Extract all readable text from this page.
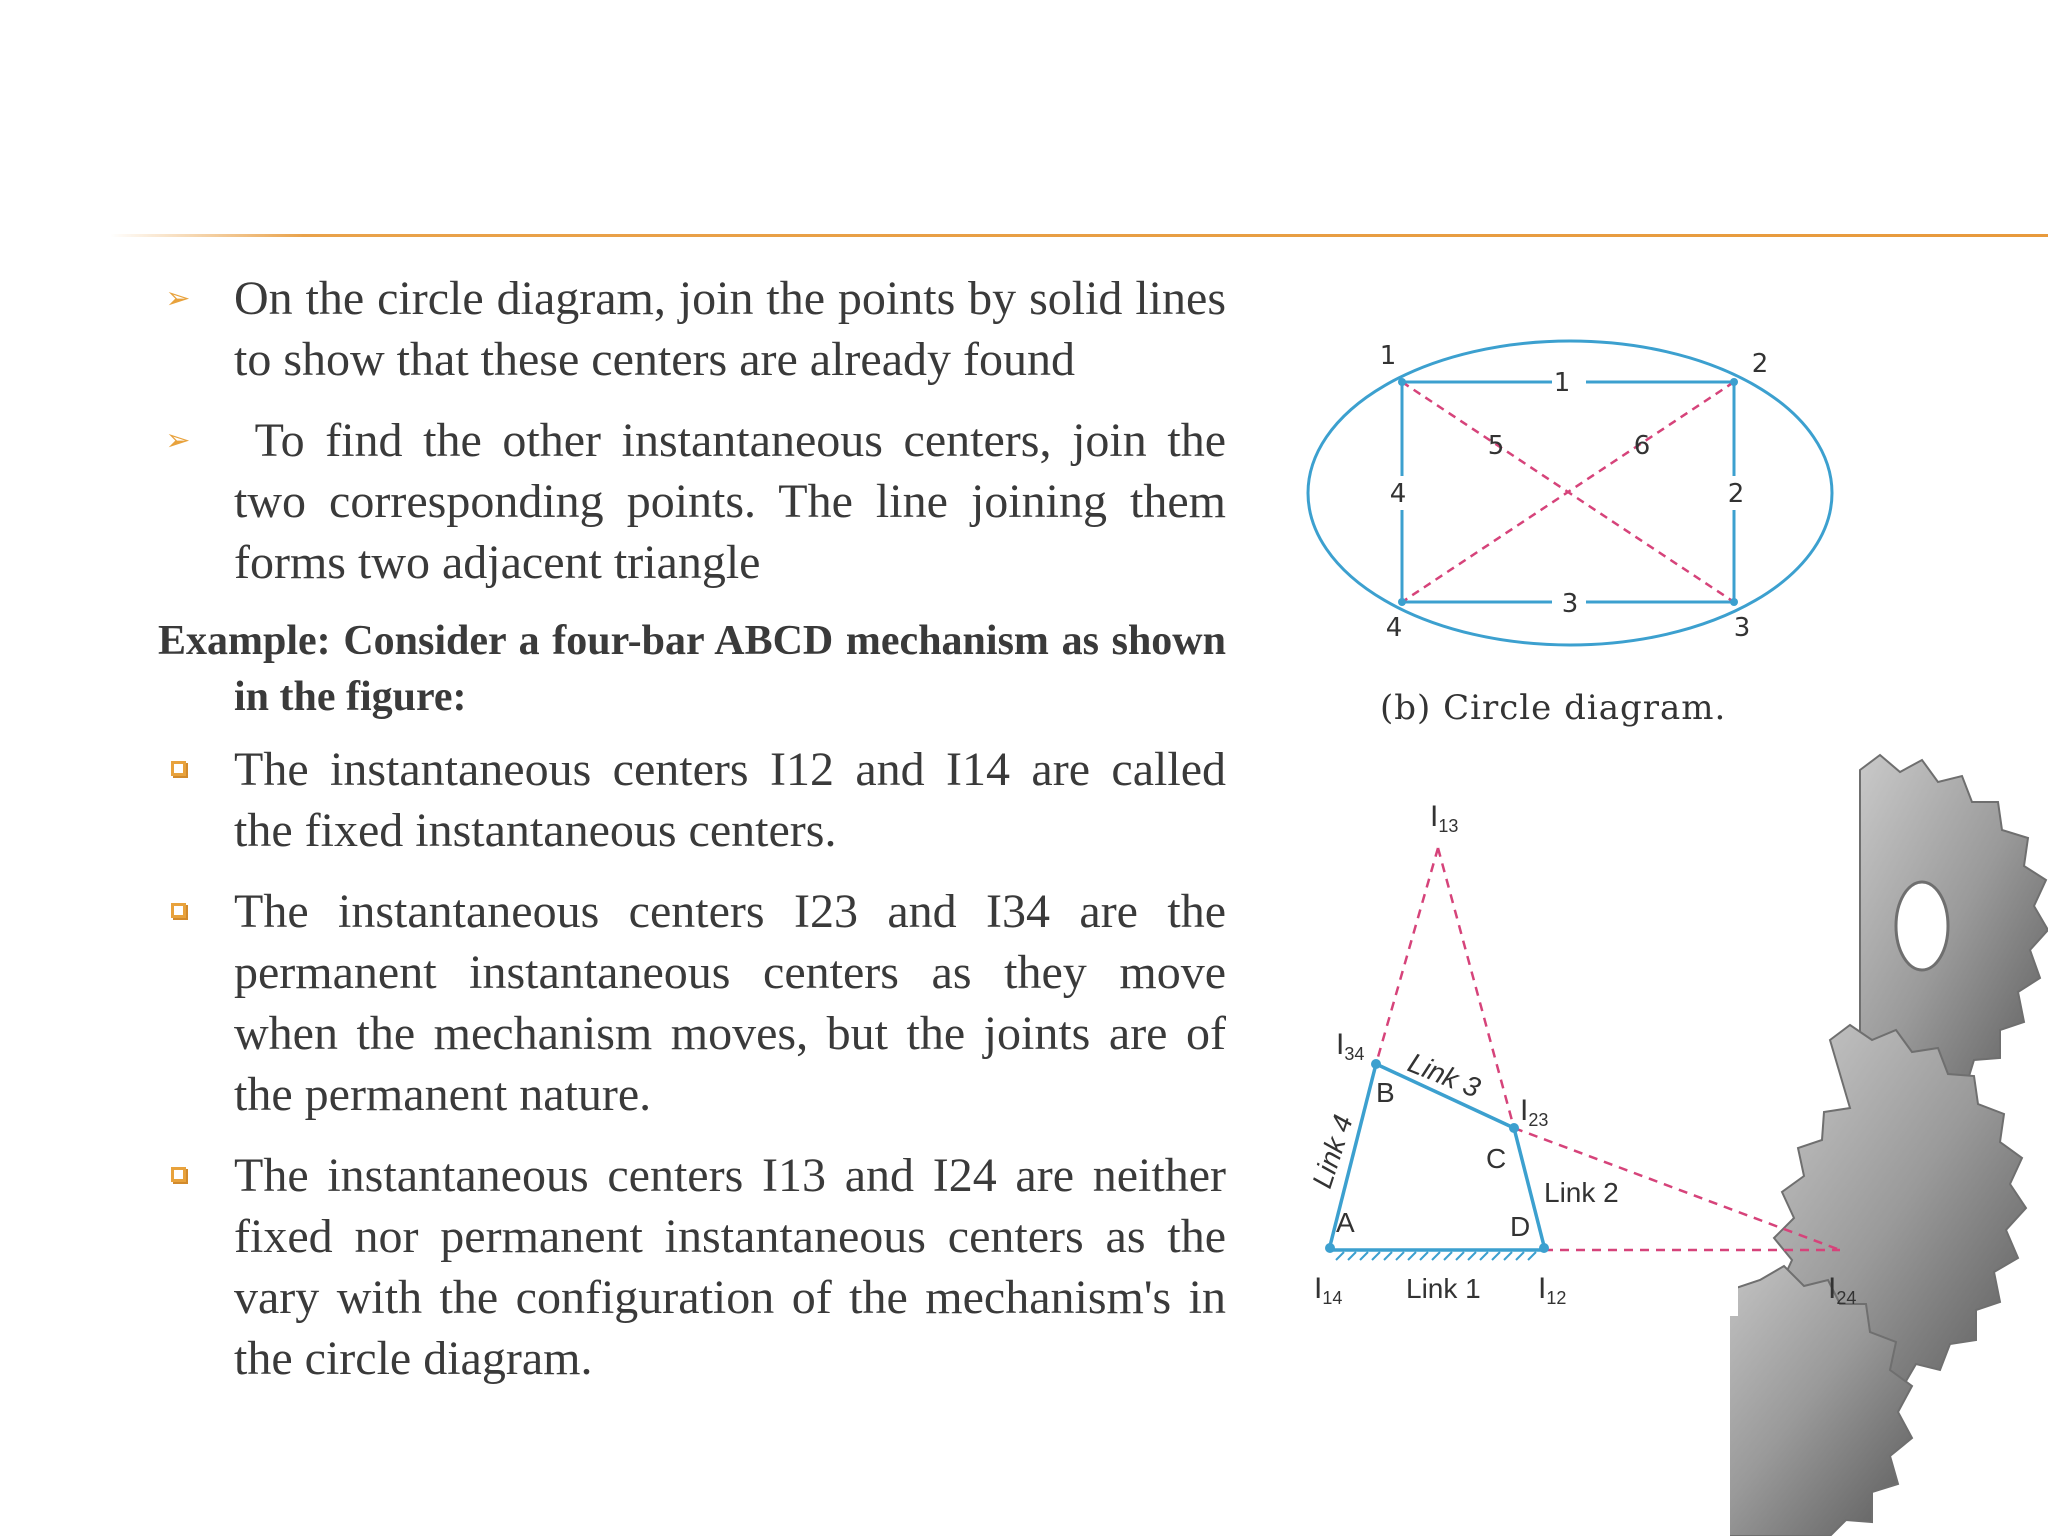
➢ On the circle diagram, join the points by solid lines to show that these centers are already found
➢ To find the other instantaneous centers, join the two corresponding points. The line joining them forms two adjacent triangle
Example: Consider a four-bar ABCD mechanism as shown in the figure:
The instantaneous centers I12 and I14 are called the fixed instantaneous centers.
The instantaneous centers I23 and I34 are the permanent instantaneous centers as they move when the mechanism moves, but the joints are of the permanent nature.
The instantaneous centers I13 and I24 are neither fixed nor permanent instantaneous centers as the vary with the configuration of the mechanism's in the circle diagram.
1	2
3
4
1
2
3
4
5	6
(b) Circle diagram.
$I_{13}$
$I_{34}$
$I_{23}$
$I_{14}$	$I_{12}$	$I_{24}$
A
B
C
D
Link 1
Link 2
Link 3
Link 4
